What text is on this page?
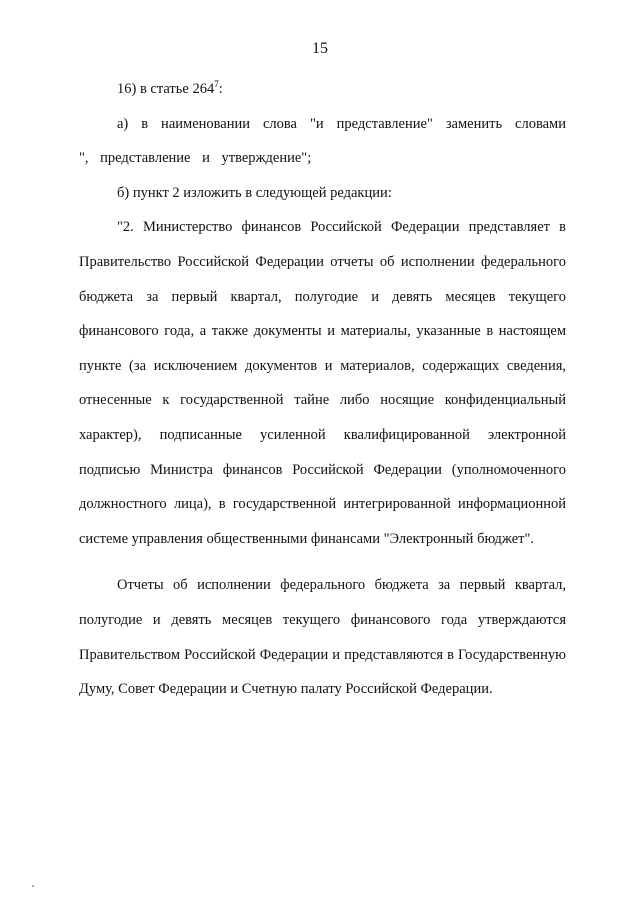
15

16) в статье $264^7$:

а) в наименовании слова "и представление" заменить словами ", представление и утверждение";

б) пункт 2 изложить в следующей редакции:

"2. Министерство финансов Российской Федерации представляет в Правительство Российской Федерации отчеты об исполнении федерального бюджета за первый квартал, полугодие и девять месяцев текущего финансового года, а также документы и материалы, указанные в настоящем пункте (за исключением документов и материалов, содержащих сведения, отнесенные к государственной тайне либо носящие конфиденциальный характер), подписанные усиленной квалифицированной электронной подписью Министра финансов Российской Федерации (уполномоченного должностного лица), в государственной интегрированной информационной системе управления общественными финансами "Электронный бюджет".

Отчеты об исполнении федерального бюджета за первый квартал, полугодие и девять месяцев текущего финансового года утверждаются Правительством Российской Федерации и представляются в Государственную Думу, Совет Федерации и Счетную палату Российской Федерации.
